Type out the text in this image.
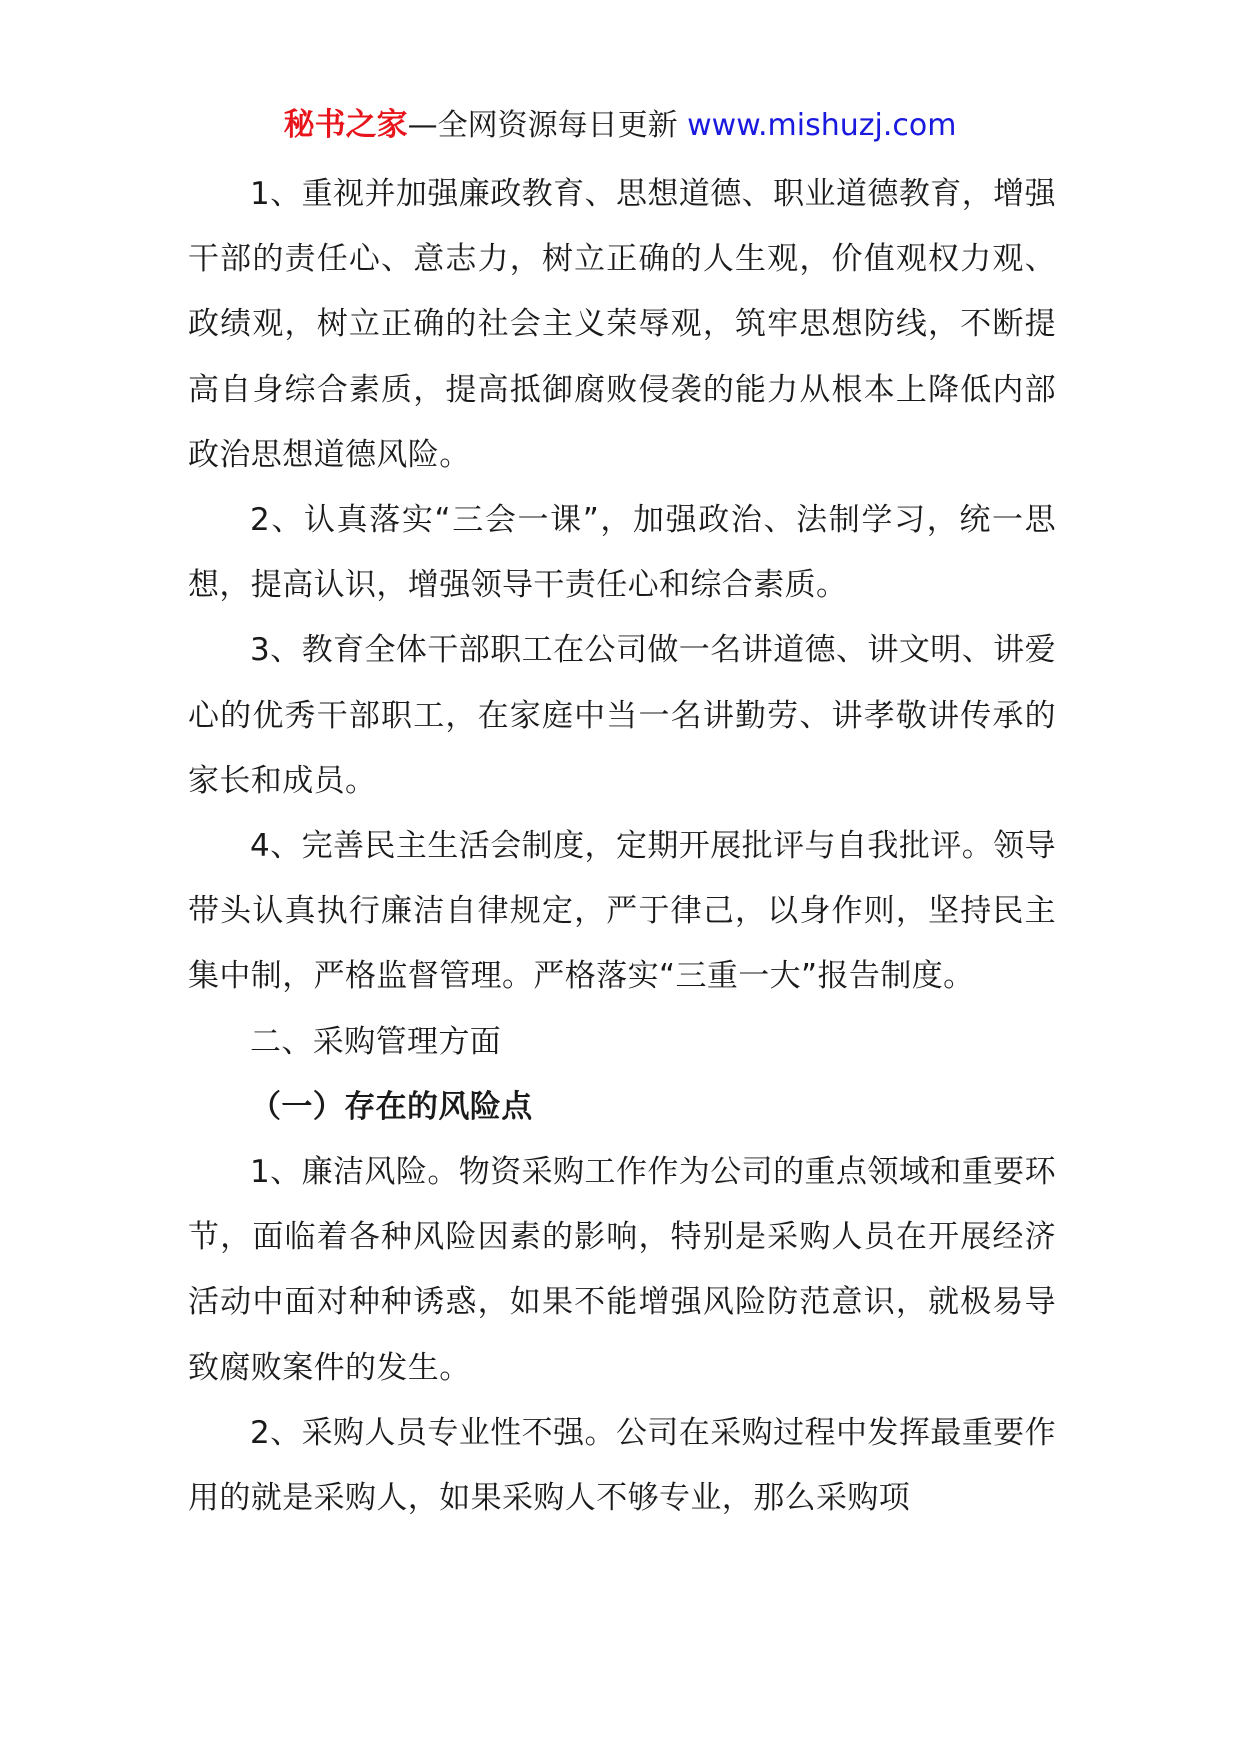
秘书之家—全网资源每日更新 www.mishuzj.com

1、重视并加强廉政教育、思想道德、职业道德教育，增强干部的责任心、意志力，树立正确的人生观，价值观权力观、政绩观，树立正确的社会主义荣辱观，筑牢思想防线，不断提高自身综合素质，提高抵御腐败侵袭的能力从根本上降低内部政治思想道德风险。

2、认真落实“三会一课”，加强政治、法制学习，统一思想，提高认识，增强领导干责任心和综合素质。

3、教育全体干部职工在公司做一名讲道德、讲文明、讲爱心的优秀干部职工，在家庭中当一名讲勤劳、讲孝敬讲传承的家长和成员。

4、完善民主生活会制度，定期开展批评与自我批评。领导带头认真执行廉洁自律规定，严于律己，以身作则，坚持民主集中制，严格监督管理。严格落实“三重一大”报告制度。

二、采购管理方面

（一）存在的风险点

1、廉洁风险。物资采购工作作为公司的重点领域和重要环节，面临着各种风险因素的影响，特别是采购人员在开展经济活动中面对种种诱惑，如果不能增强风险防范意识，就极易导致腐败案件的发生。

2、采购人员专业性不强。公司在采购过程中发挥最重要作用的就是采购人，如果采购人不够专业，那么采购项
